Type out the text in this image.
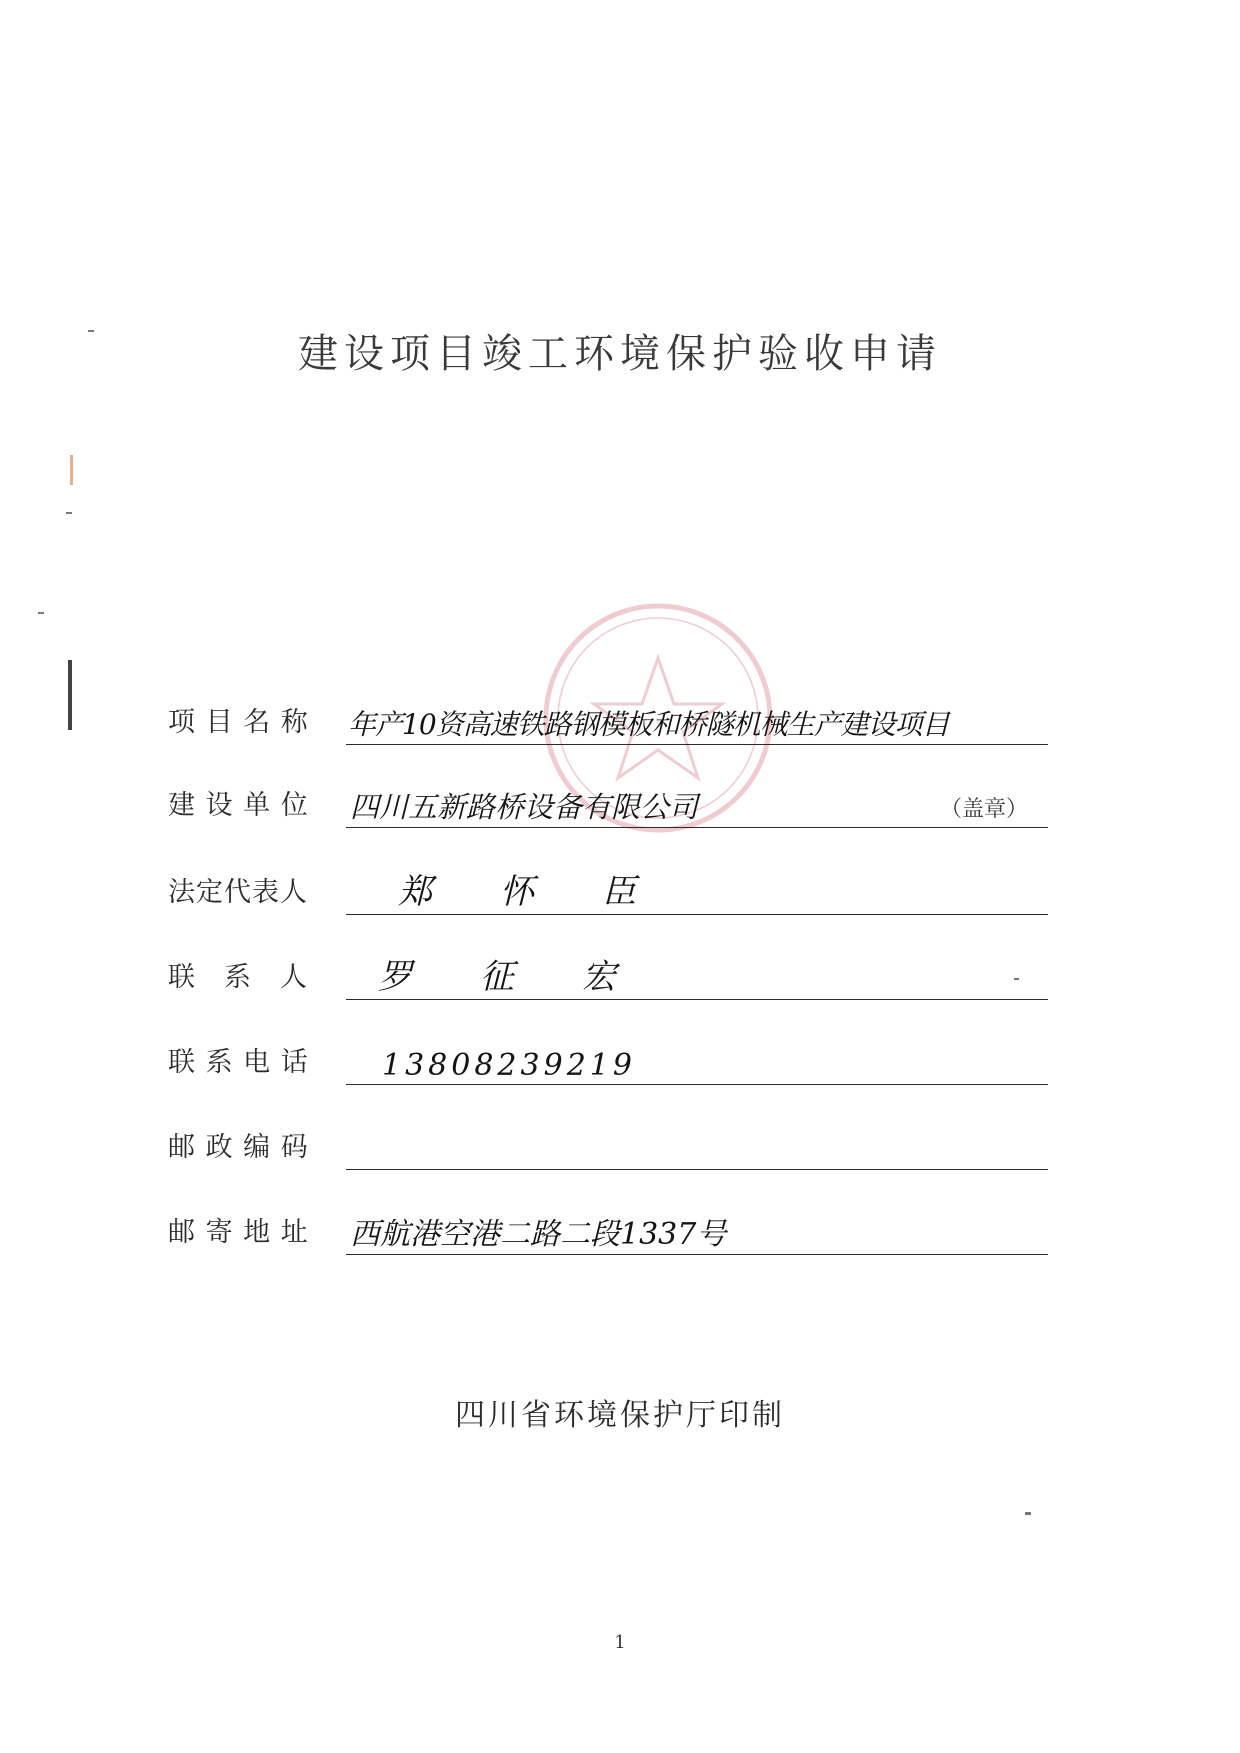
建设项目竣工环境保护验收申请
项 目 名 称 年产10资高速铁路钢模板和桥隧机械生产建设项目
建 设 单 位 四川五新路桥设备有限公司	（盖章）
法定代表人	郑　　怀　　臣
联　系　人 罗　　征　　宏
联 系 电 话 13808239219
邮 政 编 码
邮 寄 地 址 西航港空港二路二段1337号
四川省环境保护厅印制
1
